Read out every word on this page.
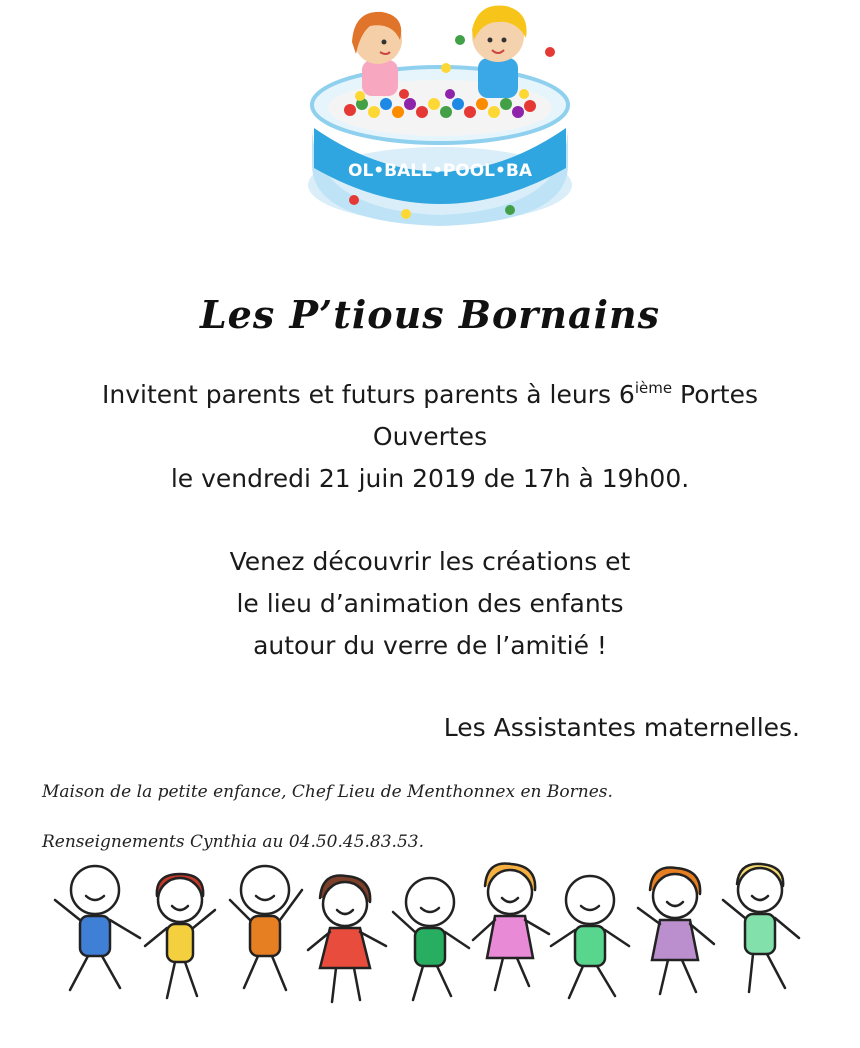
OL•BALL•POOL•BA
Les P’tious Bornains
Invitent parents et futurs parents à leurs 6ième Portes
Ouvertes
le vendredi 21 juin 2019 de 17h à 19h00.
Venez découvrir les créations et
le lieu d’animation des enfants
autour du verre de l’amitié !
Les Assistantes maternelles.
Maison de la petite enfance, Chef Lieu de Menthonnex en Bornes.
Renseignements Cynthia au 04.50.45.83.53.
